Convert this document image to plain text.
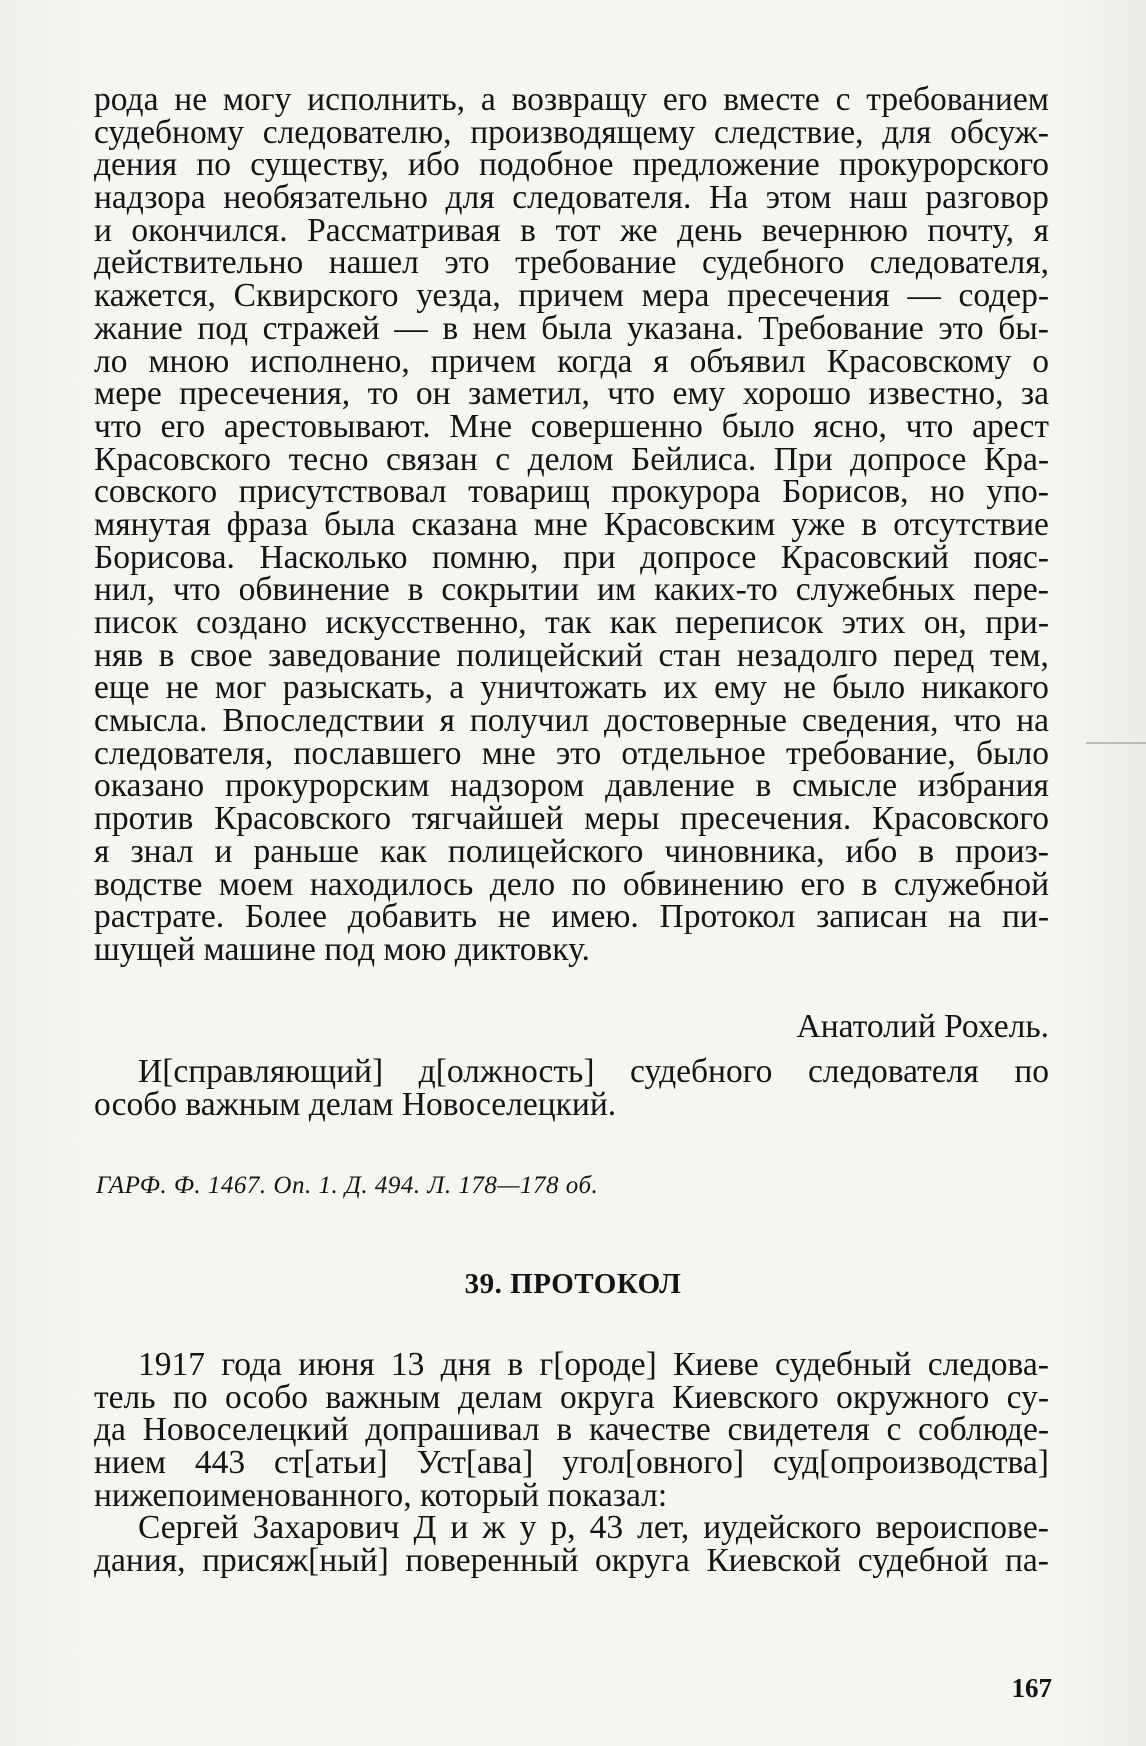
рода не могу исполнить, а возвращу его вместе с требованием
судебному следователю, производящему следствие, для обсуж-
дения по существу, ибо подобное предложение прокурорского
надзора необязательно для следователя. На этом наш разговор
и окончился. Рассматривая в тот же день вечернюю почту, я
действительно нашел это требование судебного следователя,
кажется, Сквирского уезда, причем мера пресечения — содер-
жание под стражей — в нем была указана. Требование это бы-
ло мною исполнено, причем когда я объявил Красовскому о
мере пресечения, то он заметил, что ему хорошо известно, за
что его арестовывают. Мне совершенно было ясно, что арест
Красовского тесно связан с делом Бейлиса. При допросе Кра-
совского присутствовал товарищ прокурора Борисов, но упо-
мянутая фраза была сказана мне Красовским уже в отсутствие
Борисова. Насколько помню, при допросе Красовский пояс-
нил, что обвинение в сокрытии им каких-то служебных пере-
писок создано искусственно, так как переписок этих он, при-
няв в свое заведование полицейский стан незадолго перед тем,
еще не мог разыскать, а уничтожать их ему не было никакого
смысла. Впоследствии я получил достоверные сведения, что на
следователя, пославшего мне это отдельное требование, было
оказано прокурорским надзором давление в смысле избрания
против Красовского тягчайшей меры пресечения. Красовского
я знал и раньше как полицейского чиновника, ибо в произ-
водстве моем находилось дело по обвинению его в служебной
растрате. Более добавить не имею. Протокол записан на пи-
шущей машине под мою диктовку.
Анатолий Рохель.
И[справляющий] д[олжность] судебного следователя по
особо важным делам Новоселецкий.
ГАРФ. Ф. 1467. Оп. 1. Д. 494. Л. 178—178 об.
39. ПРОТОКОЛ
1917 года июня 13 дня в г[ороде] Киеве судебный следова-
тель по особо важным делам округа Киевского окружного су-
да Новоселецкий допрашивал в качестве свидетеля с соблюде-
нием 443 ст[атьи] Уст[ава] угол[овного] суд[опроизводства]
нижепоименованного, который показал:
Сергей Захарович Д и ж у р, 43 лет, иудейского вероисповe-
дания, присяж[ный] поверенный округа Киевской судебной па-
167
